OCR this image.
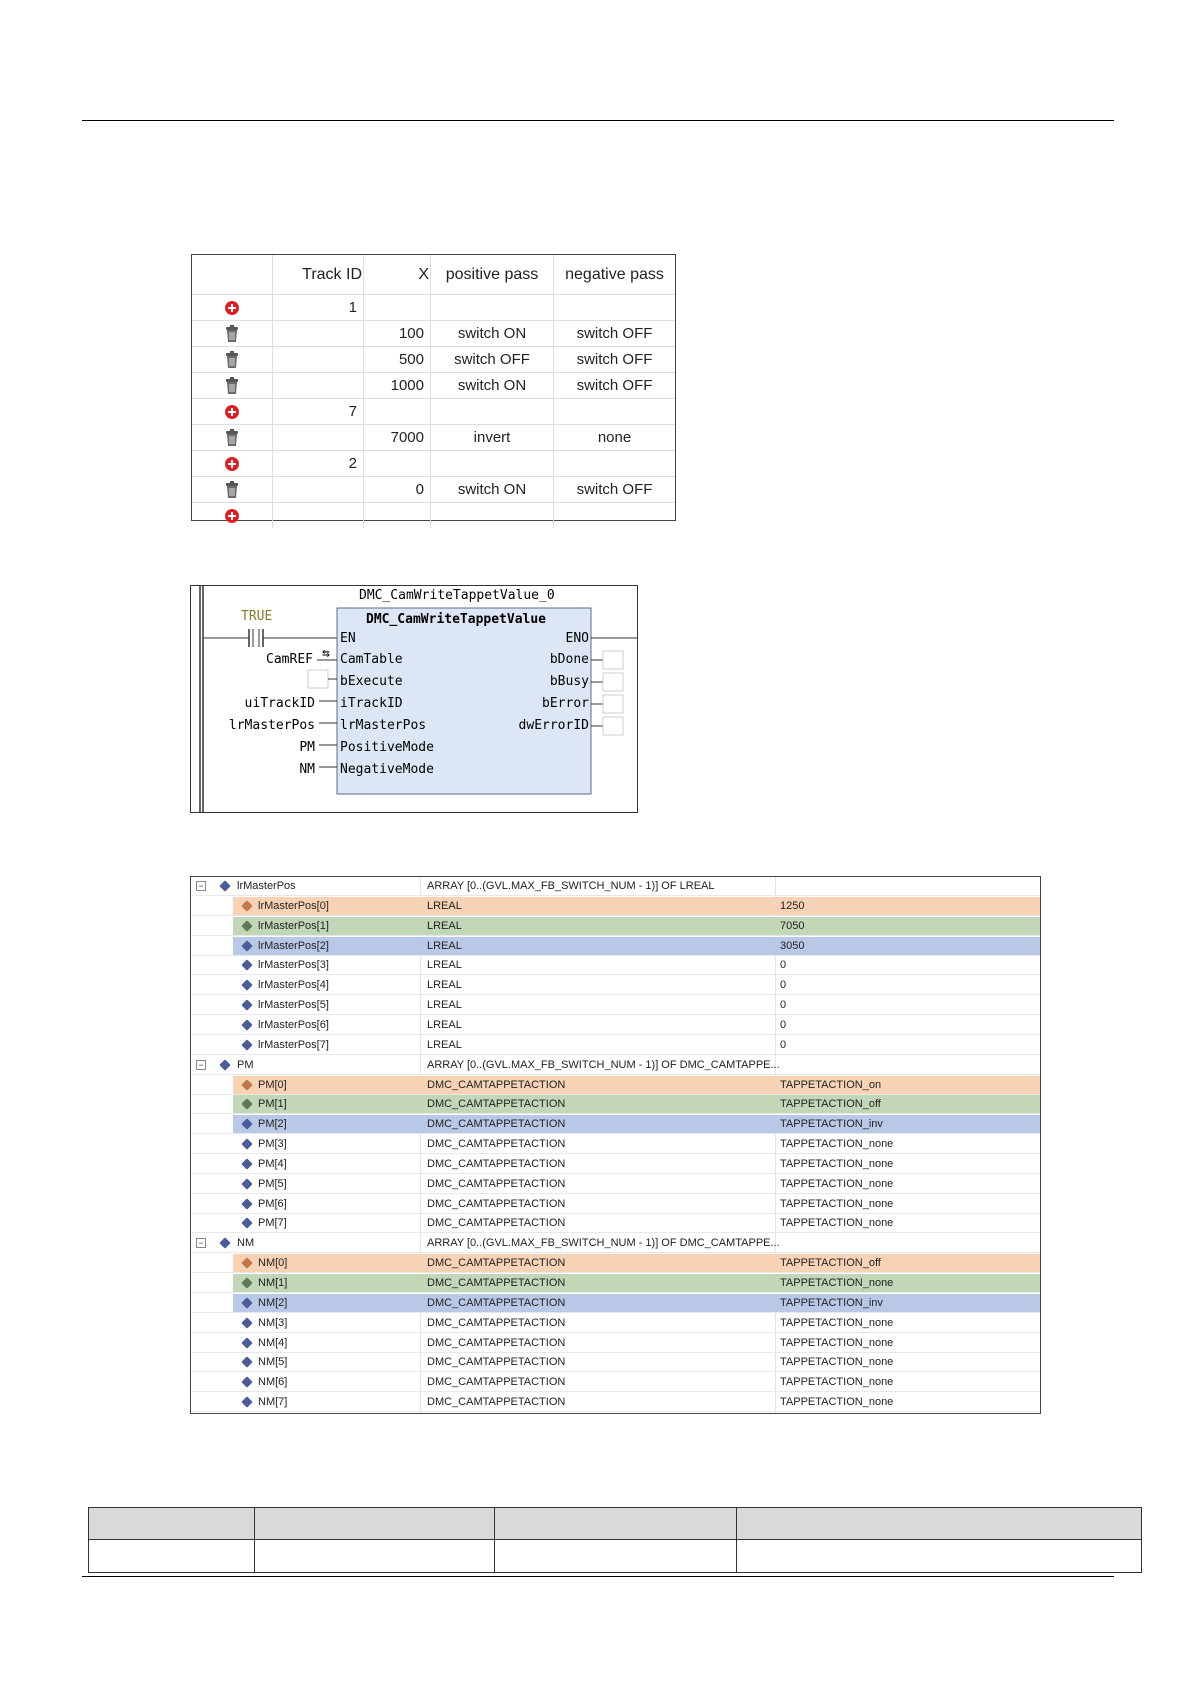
	Track ID	X	positive pass	negative pass
	1			
		100	switch ON	switch OFF
		500	switch OFF	switch OFF
		1000	switch ON	switch OFF
	7			
		7000	invert	none
	2			
		0	switch ON	switch OFF

DMC_CamWriteTappetValue_0
DMC_CamWriteTappetValue
TRUE
EN
CamTable
bExecute
iTrackID
lrMasterPos
PositiveMode
NegativeMode
CamREF ⇆
uiTrackID
lrMasterPos
PM
NM
ENO
bDone
bBusy
bError
dwErrorID
−	lrMasterPos	ARRAY [0..(GVL.MAX_FB_SWITCH_NUM - 1)] OF LREAL
lrMasterPos[0]	LREAL	1250
lrMasterPos[1]	LREAL	7050
lrMasterPos[2]	LREAL	3050
lrMasterPos[3]	LREAL	0
lrMasterPos[4]	LREAL	0
lrMasterPos[5]	LREAL	0
lrMasterPos[6]	LREAL	0
lrMasterPos[7]	LREAL	0
−	PM	ARRAY [0..(GVL.MAX_FB_SWITCH_NUM - 1)] OF DMC_CAMTAPPE...
PM[0]	DMC_CAMTAPPETACTION	TAPPETACTION_on
PM[1]	DMC_CAMTAPPETACTION	TAPPETACTION_off
PM[2]	DMC_CAMTAPPETACTION	TAPPETACTION_inv
PM[3]	DMC_CAMTAPPETACTION	TAPPETACTION_none
PM[4]	DMC_CAMTAPPETACTION	TAPPETACTION_none
PM[5]	DMC_CAMTAPPETACTION	TAPPETACTION_none
PM[6]	DMC_CAMTAPPETACTION	TAPPETACTION_none
PM[7]	DMC_CAMTAPPETACTION	TAPPETACTION_none
−	NM	ARRAY [0..(GVL.MAX_FB_SWITCH_NUM - 1)] OF DMC_CAMTAPPE...
NM[0]	DMC_CAMTAPPETACTION	TAPPETACTION_off
NM[1]	DMC_CAMTAPPETACTION	TAPPETACTION_none
NM[2]	DMC_CAMTAPPETACTION	TAPPETACTION_inv
NM[3]	DMC_CAMTAPPETACTION	TAPPETACTION_none
NM[4]	DMC_CAMTAPPETACTION	TAPPETACTION_none
NM[5]	DMC_CAMTAPPETACTION	TAPPETACTION_none
NM[6]	DMC_CAMTAPPETACTION	TAPPETACTION_none
NM[7]	DMC_CAMTAPPETACTION	TAPPETACTION_none
